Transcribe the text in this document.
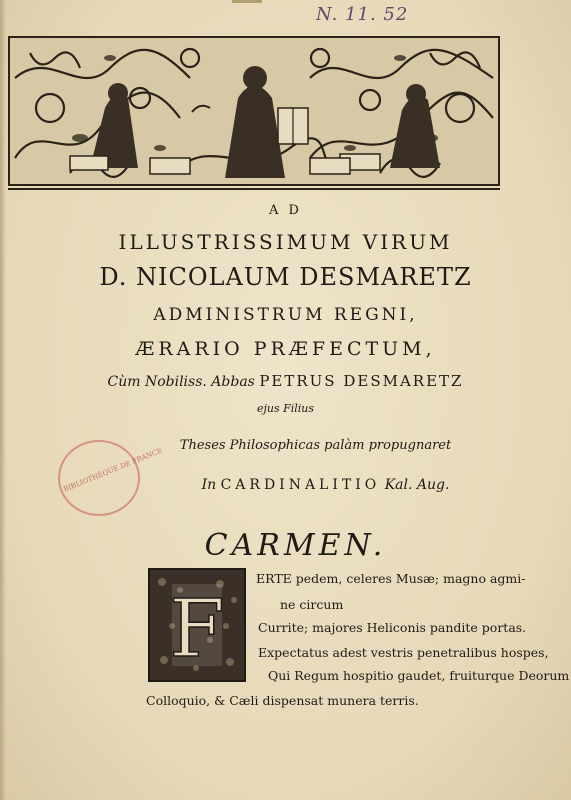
N. 11. 52
A D
ILLUSTRISSIMUM VIRUM
D. NICOLAUM DESMARETZ
ADMINISTRUM REGNI,
ÆRARIO PRÆFECTUM,
Cùm Nobiliss. Abbas PETRUS DESMARETZ
ejus Filius
Theses Philosophicas palàm propugnaret
BIBLIOTHÈQUE DE FRANCE	In CARDINALITIO Kal. Aug.
CARMEN.
F
ERTE pedem, celeres Musæ; magno agmi-
ne circum
Currite; majores Heliconis pandite portas.
Expectatus adest vestris penetralibus hospes,
Qui Regum hospitio gaudet, fruiturque Deorum
Colloquio, & Cæli dispensat munera terris.
